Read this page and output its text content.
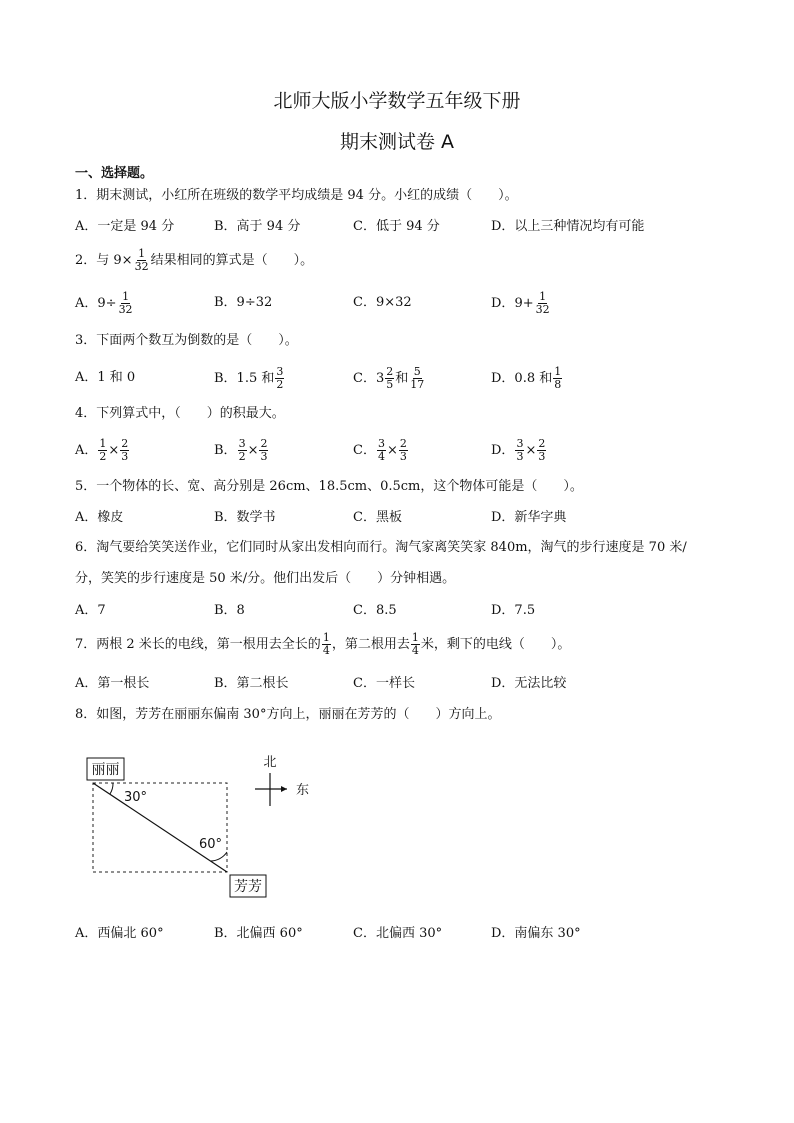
北师大版小学数学五年级下册
期末测试卷 A
一、选择题。
1．期末测试，小红所在班级的数学平均成绩是 94 分。小红的成绩（　　）。
A．一定是 94 分	B．高于 94 分	C．低于 94 分	D．以上三种情况均有可能
2．与 $9\times \frac{1}{32}$ 结果相同的算式是（　　）。
A． $9\div \frac{1}{32}$	B．9÷32	C．9×32	D． $9+ \frac{1}{32}$
3．下面两个数互为倒数的是（　　）。
A．1 和 0	B．1.5 和 $\frac{3}{2}$	C． $3 \frac{2}{5}$ 和 $\frac{5}{17}$	D．0.8 和 $\frac{1}{8}$
4．下列算式中，（　　）的积最大。
A． $\frac{1}{2} \times \frac{2}{3}$	B． $\frac{3}{2} \times \frac{2}{3}$	C． $\frac{3}{4} \times \frac{2}{3}$	D． $\frac{3}{3} \times \frac{2}{3}$
5．一个物体的长、宽、高分别是 26cm、18.5cm、0.5cm，这个物体可能是（　　）。
A．橡皮	B．数学书	C．黑板	D．新华字典
6．淘气要给笑笑送作业，它们同时从家出发相向而行。淘气家离笑笑家 840m，淘气的步行速度是 70 米/
分，笑笑的步行速度是 50 米/分。他们出发后（　　）分钟相遇。
A．7	B．8	C．8.5	D．7.5
7．两根 2 米长的电线，第一根用去全长的 $\frac{1}{4}$ ，第二根用去 $\frac{1}{4}$ 米，剩下的电线（　　）。
A．第一根长	B．第二根长	C．一样长	D．无法比较
8．如图，芳芳在丽丽东偏南 30°方向上，丽丽在芳芳的（　　）方向上。
丽丽
芳芳
30°
60°
北
东
A．西偏北 60°	B．北偏西 60°	C．北偏西 30°	D．南偏东 30°
